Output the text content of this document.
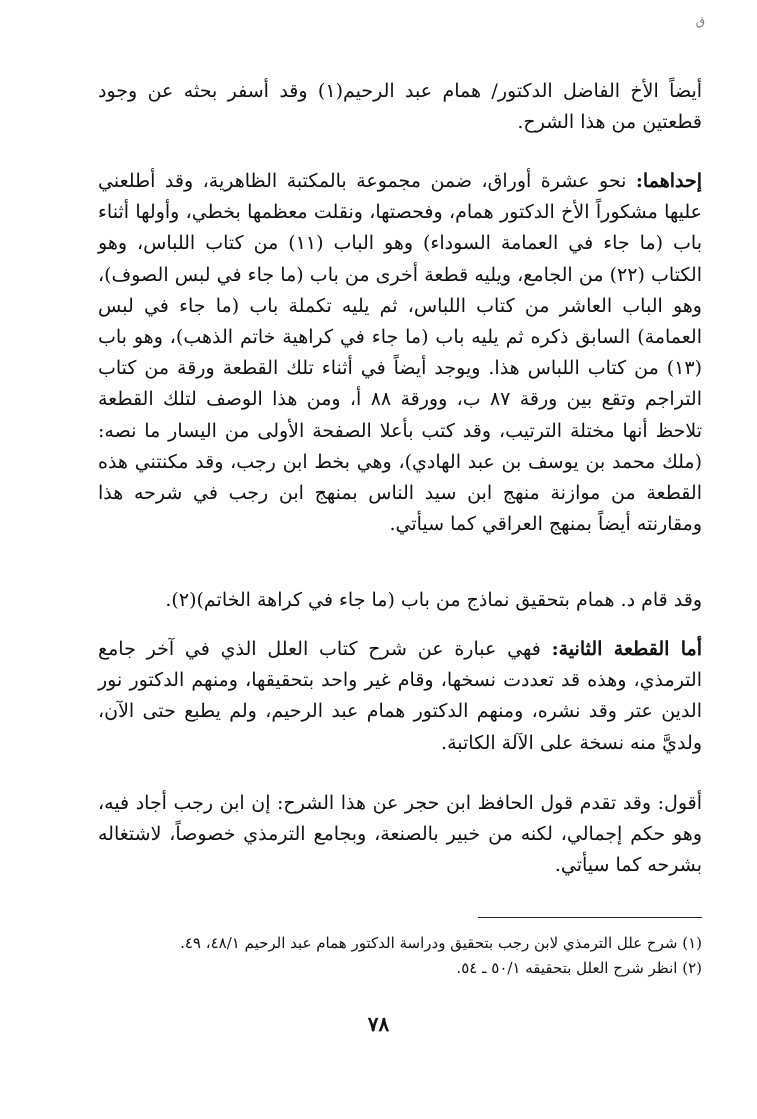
ق

أيضاً الأخ الفاضل الدكتور/ همام عبد الرحيم(١) وقد أسفر بحثه عن وجود قطعتين من هذا الشرح.

إحداهما: نحو عشرة أوراق، ضمن مجموعة بالمكتبة الظاهرية، وقد أطلعني عليها مشكوراً الأخ الدكتور همام، وفحصتها، ونقلت معظمها بخطي، وأولها أثناء باب (ما جاء في العمامة السوداء) وهو الباب (١١) من كتاب اللباس، وهو الكتاب (٢٢) من الجامع، ويليه قطعة أخرى من باب (ما جاء في لبس الصوف)، وهو الباب العاشر من كتاب اللباس، ثم يليه تكملة باب (ما جاء في لبس العمامة) السابق ذكره ثم يليه باب (ما جاء في كراهية خاتم الذهب)، وهو باب (١٣) من كتاب اللباس هذا. ويوجد أيضاً في أثناء تلك القطعة ورقة من كتاب التراجم وتقع بين ورقة ٨٧ ب، وورقة ٨٨ أ، ومن هذا الوصف لتلك القطعة تلاحظ أنها مختلة الترتيب، وقد كتب بأعلا الصفحة الأولى من اليسار ما نصه: (ملك محمد بن يوسف بن عبد الهادي)، وهي بخط ابن رجب، وقد مكنتني هذه القطعة من موازنة منهج ابن سيد الناس بمنهج ابن رجب في شرحه هذا ومقارنته أيضاً بمنهج العراقي كما سيأتي.

وقد قام د. همام بتحقيق نماذج من باب (ما جاء في كراهة الخاتم)(٢).

أما القطعة الثانية: فهي عبارة عن شرح كتاب العلل الذي في آخر جامع الترمذي، وهذه قد تعددت نسخها، وقام غير واحد بتحقيقها، ومنهم الدكتور نور الدين عتر وقد نشره، ومنهم الدكتور همام عبد الرحيم، ولم يطبع حتى الآن، ولديَّ منه نسخة على الآلة الكاتبة.

أقول: وقد تقدم قول الحافظ ابن حجر عن هذا الشرح: إن ابن رجب أجاد فيه، وهو حكم إجمالي، لكنه من خبير بالصنعة، وبجامع الترمذي خصوصاً، لاشتغاله بشرحه كما سيأتي.

(١) شرح علل الترمذي لابن رجب بتحقيق ودراسة الدكتور همام عبد الرحيم ٤٨/١، ٤٩.

(٢) انظر شرح العلل بتحقيقه ٥٠/١ ـ ٥٤.

٧٨
